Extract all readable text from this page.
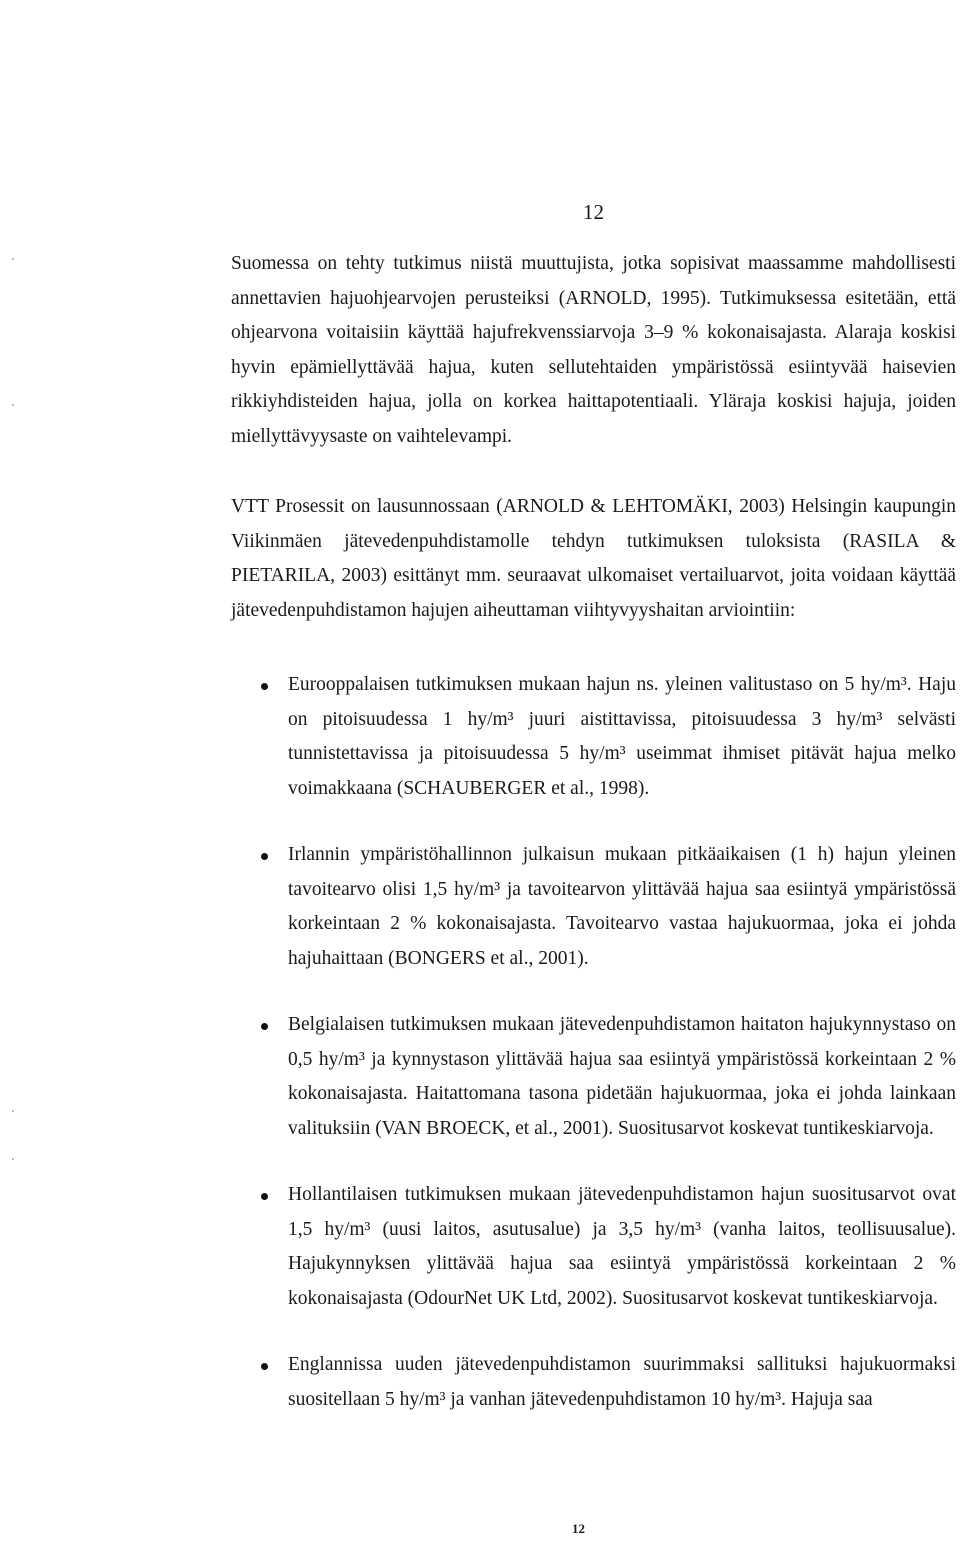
12

Suomessa on tehty tutkimus niistä muuttujista, jotka sopisivat maassamme mahdollisesti annettavien hajuohjearvojen perusteiksi (ARNOLD, 1995). Tutkimuksessa esitetään, että ohjearvona voitaisiin käyttää hajufrekvenssiarvoja 3–9 % kokonaisajasta. Alaraja koskisi hyvin epämiellyttävää hajua, kuten sellutehtaiden ympäristössä esiintyvää haisevien rikkiyhdisteiden hajua, jolla on korkea haittapotentiaali. Yläraja koskisi hajuja, joiden miellyttävyysaste on vaihtelevampi.

VTT Prosessit on lausunnossaan (ARNOLD & LEHTOMÄKI, 2003) Helsingin kaupungin Viikinmäen jätevedenpuhdistamolle tehdyn tutkimuksen tuloksista (RASILA & PIETARILA, 2003) esittänyt mm. seuraavat ulkomaiset vertailuarvot, joita voidaan käyttää jätevedenpuhdistamon hajujen aiheuttaman viihtyvyyshaitan arviointiin:

Eurooppalaisen tutkimuksen mukaan hajun ns. yleinen valitustaso on 5 hy/m³. Haju on pitoisuudessa 1 hy/m³ juuri aistittavissa, pitoisuudessa 3 hy/m³ selvästi tunnistettavissa ja pitoisuudessa 5 hy/m³ useimmat ihmiset pitävät hajua melko voimakkaana (SCHAUBERGER et al., 1998).
Irlannin ympäristöhallinnon julkaisun mukaan pitkäaikaisen (1 h) hajun yleinen tavoitearvo olisi 1,5 hy/m³ ja tavoitearvon ylittävää hajua saa esiintyä ympäristössä korkeintaan 2 % kokonaisajasta. Tavoitearvo vastaa hajukuormaa, joka ei johda hajuhaittaan (BONGERS et al., 2001).
Belgialaisen tutkimuksen mukaan jätevedenpuhdistamon haitaton hajukynnystaso on 0,5 hy/m³ ja kynnystason ylittävää hajua saa esiintyä ympäristössä korkeintaan 2 % kokonaisajasta. Haitattomana tasona pidetään hajukuormaa, joka ei johda lainkaan valituksiin (VAN BROECK, et al., 2001). Suositusarvot koskevat tuntikeskiarvoja.
Hollantilaisen tutkimuksen mukaan jätevedenpuhdistamon hajun suositusarvot ovat 1,5 hy/m³ (uusi laitos, asutusalue) ja 3,5 hy/m³ (vanha laitos, teollisuusalue). Hajukynnyksen ylittävää hajua saa esiintyä ympäristössä korkeintaan 2 % kokonaisajasta (OdourNet UK Ltd, 2002). Suositusarvot koskevat tuntikeskiarvoja.
Englannissa uuden jätevedenpuhdistamon suurimmaksi sallituksi hajukuormaksi suositellaan 5 hy/m³ ja vanhan jätevedenpuhdistamon 10 hy/m³. Hajuja saa
12
